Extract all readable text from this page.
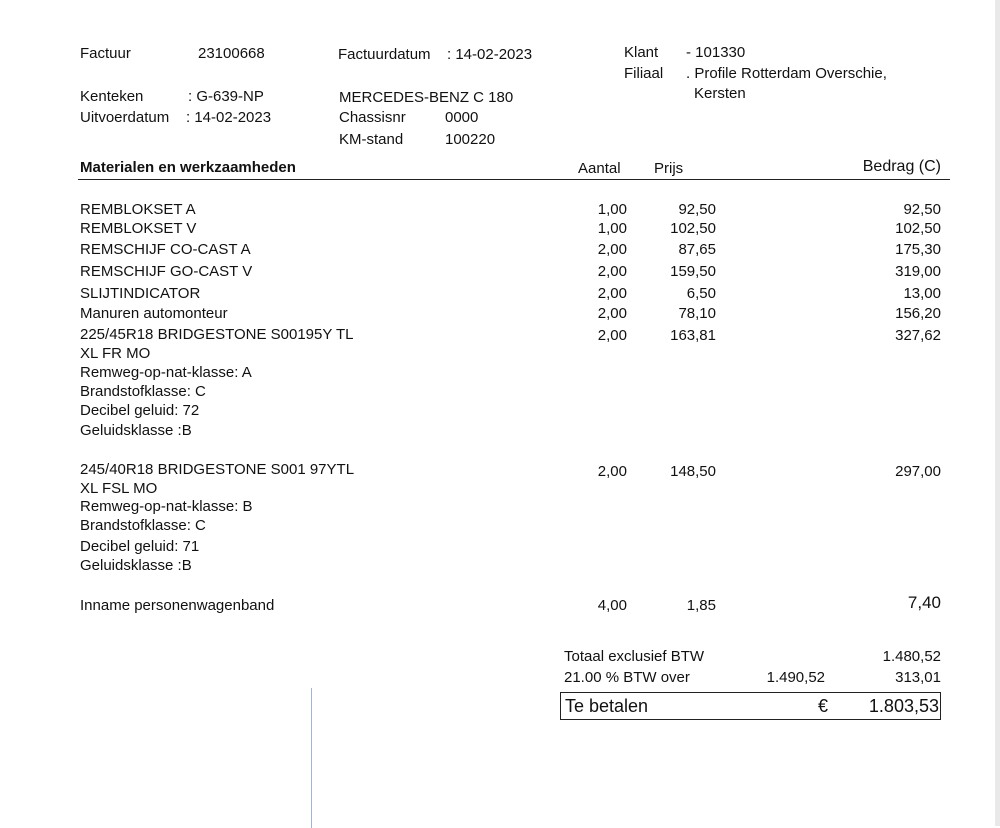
Factuur	23100668	Factuurdatum : 14-02-2023	Klant - 101330
Filiaal . Profile Rotterdam Overschie,
Kersten
Kenteken	: G-639-NP
Uitvoerdatum : 14-02-2023
MERCEDES-BENZ C 180
Chassisnr	0000
KM-stand	100220
Materialen en werkzaamheden	Aantal Prijs	Bedrag (C)
REMBLOKSET A	1,00	92,50	92,50
REMBLOKSET V	1,00	102,50	102,50
REMSCHIJF CO-CAST A	2,00	87,65	175,30
REMSCHIJF GO-CAST V	2,00	159,50	319,00
SLIJTINDICATOR	2,00	6,50	13,00
Manuren automonteur	2,00	78,10	156,20
225/45R18 BRIDGESTONE S00195Y TL	2,00	163,81	327,62
XL FR MO
Remweg-op-nat-klasse: A
Brandstofklasse: C
Decibel geluid: 72
Geluidsklasse :B
245/40R18 BRIDGESTONE S001 97YTL	2,00	148,50	297,00
XL FSL MO
Remweg-op-nat-klasse: B
Brandstofklasse: C
Decibel geluid: 71
Geluidsklasse :B
Inname personenwagenband	4,00	1,85	7,40
Totaal exclusief BTW	1.480,52
21.00 % BTW over	1.490,52	313,01
Te betalen	€	1.803,53
